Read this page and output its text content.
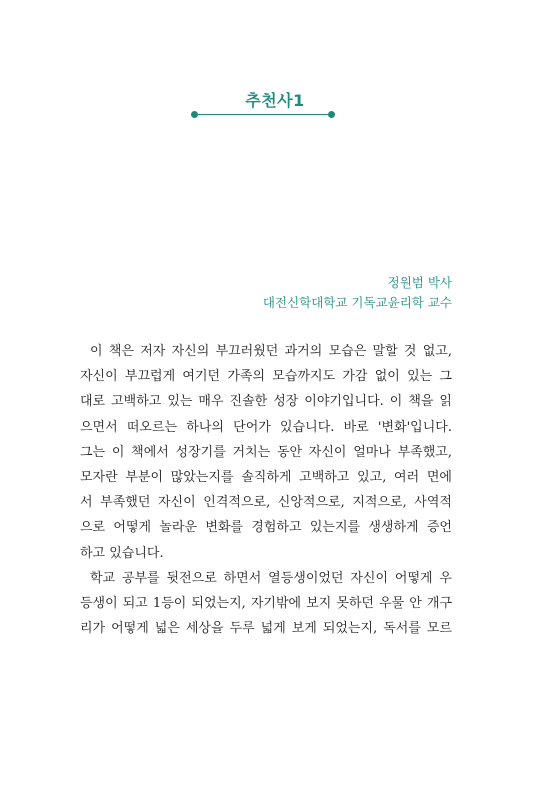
추천사1
정원범 박사
대전신학대학교 기독교윤리학 교수
이 책은 저자 자신의 부끄러웠던 과거의 모습은 말할 것 없고,
자신이 부끄럽게 여기던 가족의 모습까지도 가감 없이 있는 그
대로 고백하고 있는 매우 진솔한 성장 이야기입니다. 이 책을 읽
으면서 떠오르는 하나의 단어가 있습니다. 바로 '변화'입니다.
그는 이 책에서 성장기를 거치는 동안 자신이 얼마나 부족했고,
모자란 부분이 많았는지를 솔직하게 고백하고 있고, 여러 면에
서 부족했던 자신이 인격적으로, 신앙적으로, 지적으로, 사역적
으로 어떻게 놀라운 변화를 경험하고 있는지를 생생하게 증언
하고 있습니다.
학교 공부를 뒷전으로 하면서 열등생이었던 자신이 어떻게 우
등생이 되고 1등이 되었는지, 자기밖에 보지 못하던 우물 안 개구
리가 어떻게 넓은 세상을 두루 넓게 보게 되었는지, 독서를 모르
